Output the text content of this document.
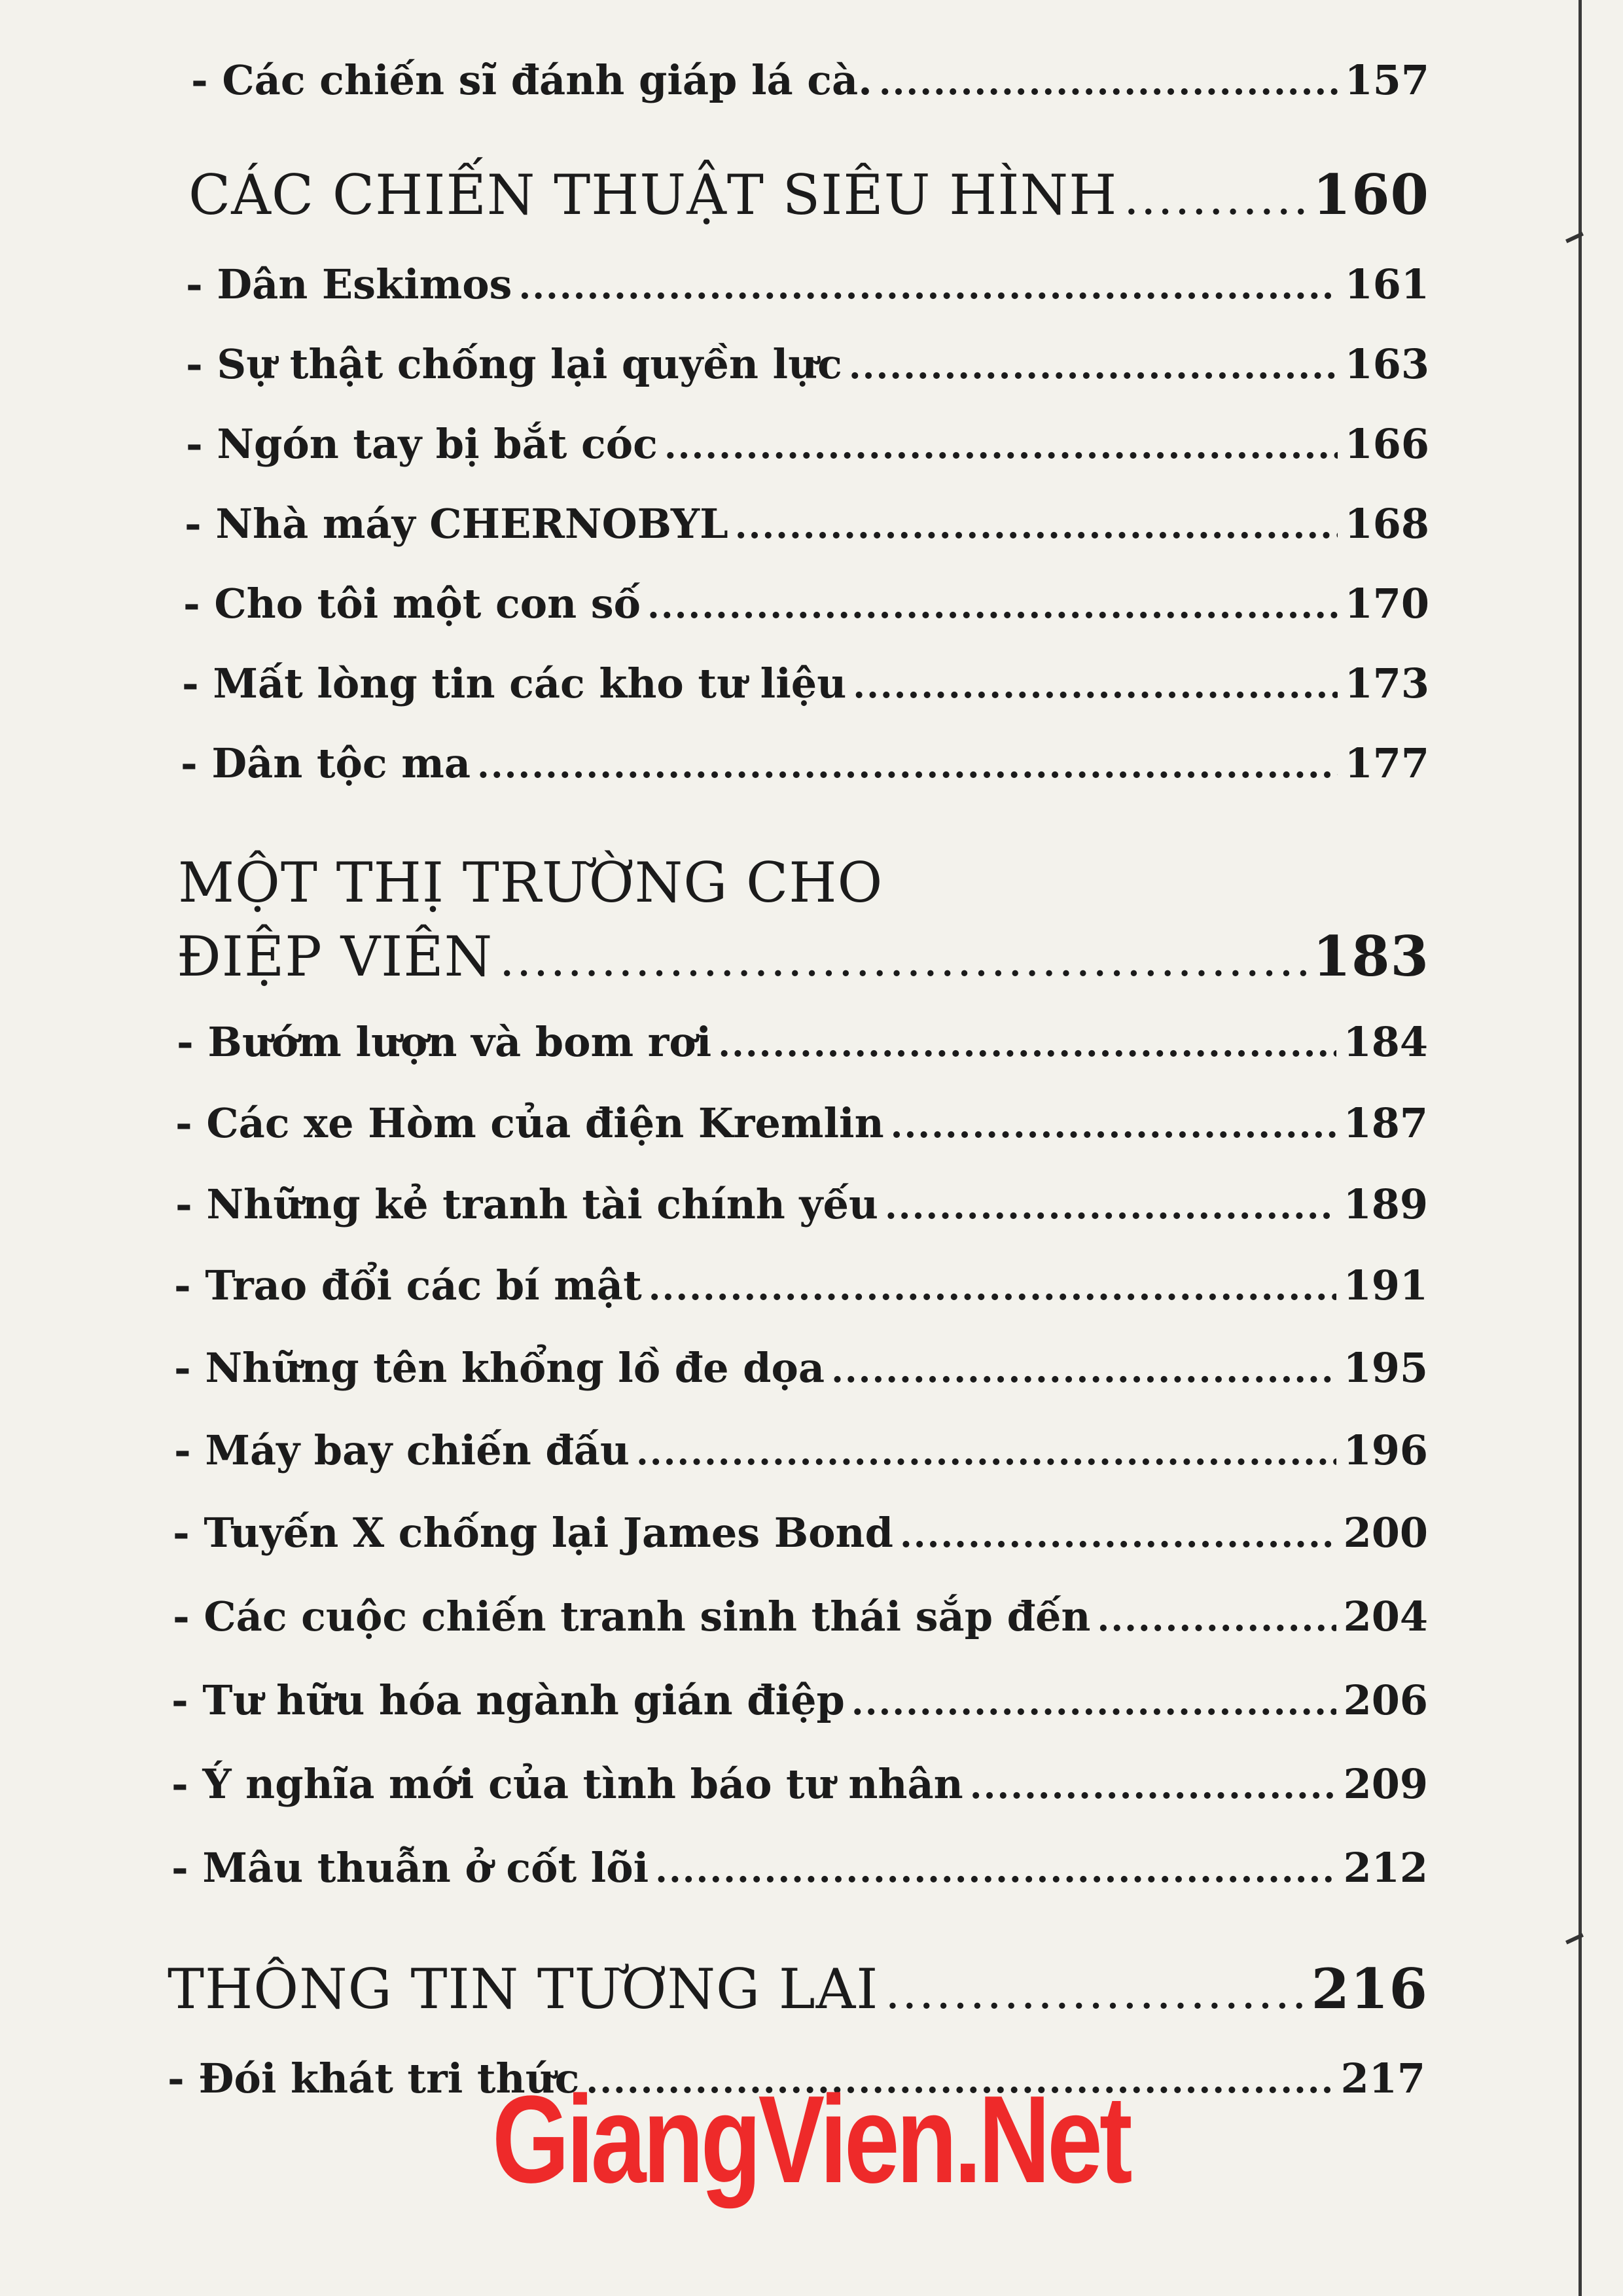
- Các chiến sĩ đánh giáp lá cà. .....	157
CÁC CHIẾN THUẬT SIÊU HÌNH .....	160
- Dân Eskimos .....	161
- Sự thật chống lại quyền lực .....	163
- Ngón tay bị bắt cóc .....	166
- Nhà máy CHERNOBYL .....	168
- Cho tôi một con số .....	170
- Mất lòng tin các kho tư liệu .....	173
- Dân tộc ma .....	177
MỘT THỊ TRƯỜNG CHO
ĐIỆP VIÊN .....	183
- Bướm lượn và bom rơi .....	184
- Các xe Hòm của điện Kremlin .....	187
- Những kẻ tranh tài chính yếu .....	189
- Trao đổi các bí mật .....	191
- Những tên khổng lồ đe dọa .....	195
- Máy bay chiến đấu .....	196
- Tuyến X chống lại James Bond .....	200
- Các cuộc chiến tranh sinh thái sắp đến .....	204
- Tư hữu hóa ngành gián điệp .....	206
- Ý nghĩa mới của tình báo tư nhân .....	209
- Mâu thuẫn ở cốt lõi .....	212
THÔNG TIN TƯƠNG LAI .....	216
- Đói khát tri thức .....	217
GiangVien.Net
